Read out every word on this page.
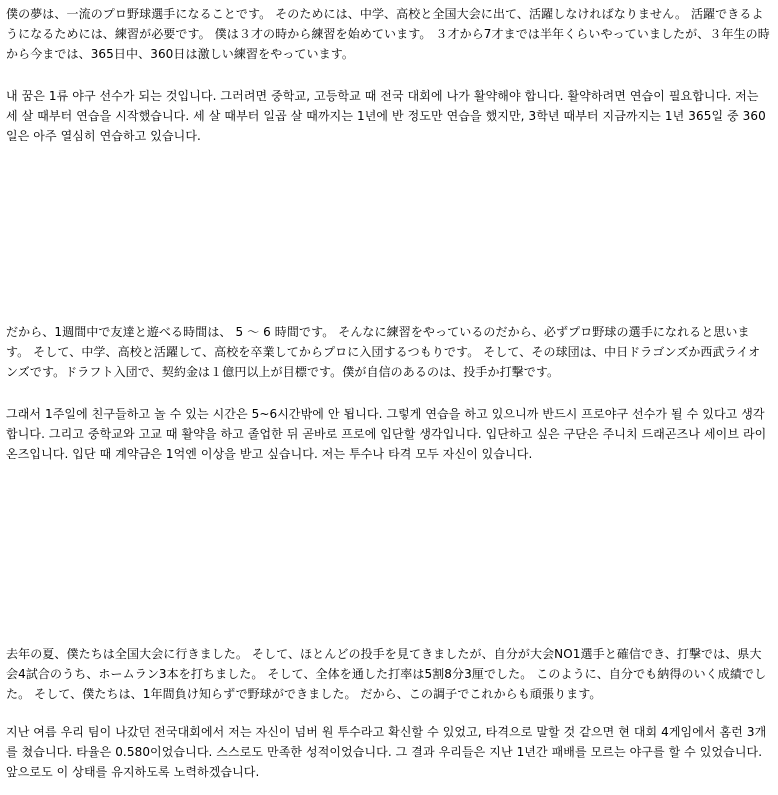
僕の夢は、一流のプロ野球選手になることです。 そのためには、中学、高校と全国大会に出て、活躍しなければなりません。 活躍できるようになるためには、練習が必要です。 僕は３才の時から練習を始めています。 ３才から7才までは半年くらいやっていましたが、３年生の時から今までは、365日中、360日は激しい練習をやっています。

내 꿈은 1류 야구 선수가 되는 것입니다. 그러려면 중학교, 고등학교 때 전국 대회에 나가 활약해야 합니다. 활약하려면 연습이 필요합니다. 저는 세 살 때부터 연습을 시작했습니다. 세 살 때부터 일곱 살 때까지는 1년에 반 정도만 연습을 했지만, 3학년 때부터 지금까지는 1년 365일 중 360일은 아주 열심히 연습하고 있습니다.

だから、1週間中で友達と遊べる時間は、 5 ～ 6 時間です。 そんなに練習をやっているのだから、必ずプロ野球の選手になれると思います。 そして、中学、高校と活躍して、高校を卒業してからプロに入団するつもりです。 そして、その球団は、中日ドラゴンズか西武ライオンズです。ドラフト入団で、契約金は１億円以上が目標です。僕が自信のあるのは、投手か打撃です。

그래서 1주일에 친구들하고 놀 수 있는 시간은 5~6시간밖에 안 됩니다. 그렇게 연습을 하고 있으니까 반드시 프로야구 선수가 될 수 있다고 생각합니다. 그리고 중학교와 고교 때 활약을 하고 졸업한 뒤 곧바로 프로에 입단할 생각입니다. 입단하고 싶은 구단은 주니치 드래곤즈나 세이브 라이온즈입니다. 입단 때 계약금은 1억엔 이상을 받고 싶습니다. 저는 투수나 타격 모두 자신이 있습니다.

去年の夏、僕たちは全国大会に行きました。 そして、ほとんどの投手を見てきましたが、自分が大会NO1選手と確信でき、打撃では、県大会4試合のうち、ホームラン3本を打ちました。 そして、全体を通した打率は5割8分3厘でした。 このように、自分でも納得のいく成績でした。 そして、僕たちは、1年間負け知らずで野球ができました。 だから、この調子でこれからも頑張ります。

지난 여름 우리 팀이 나갔던 전국대회에서 저는 자신이 넘버 원 투수라고 확신할 수 있었고, 타격으로 말할 것 같으면 현 대회 4게임에서 홈런 3개를 쳤습니다. 타율은 0.580이었습니다. 스스로도 만족한 성적이었습니다. 그 결과 우리들은 지난 1년간 패배를 모르는 야구를 할 수 있었습니다. 앞으로도 이 상태를 유지하도록 노력하겠습니다.
